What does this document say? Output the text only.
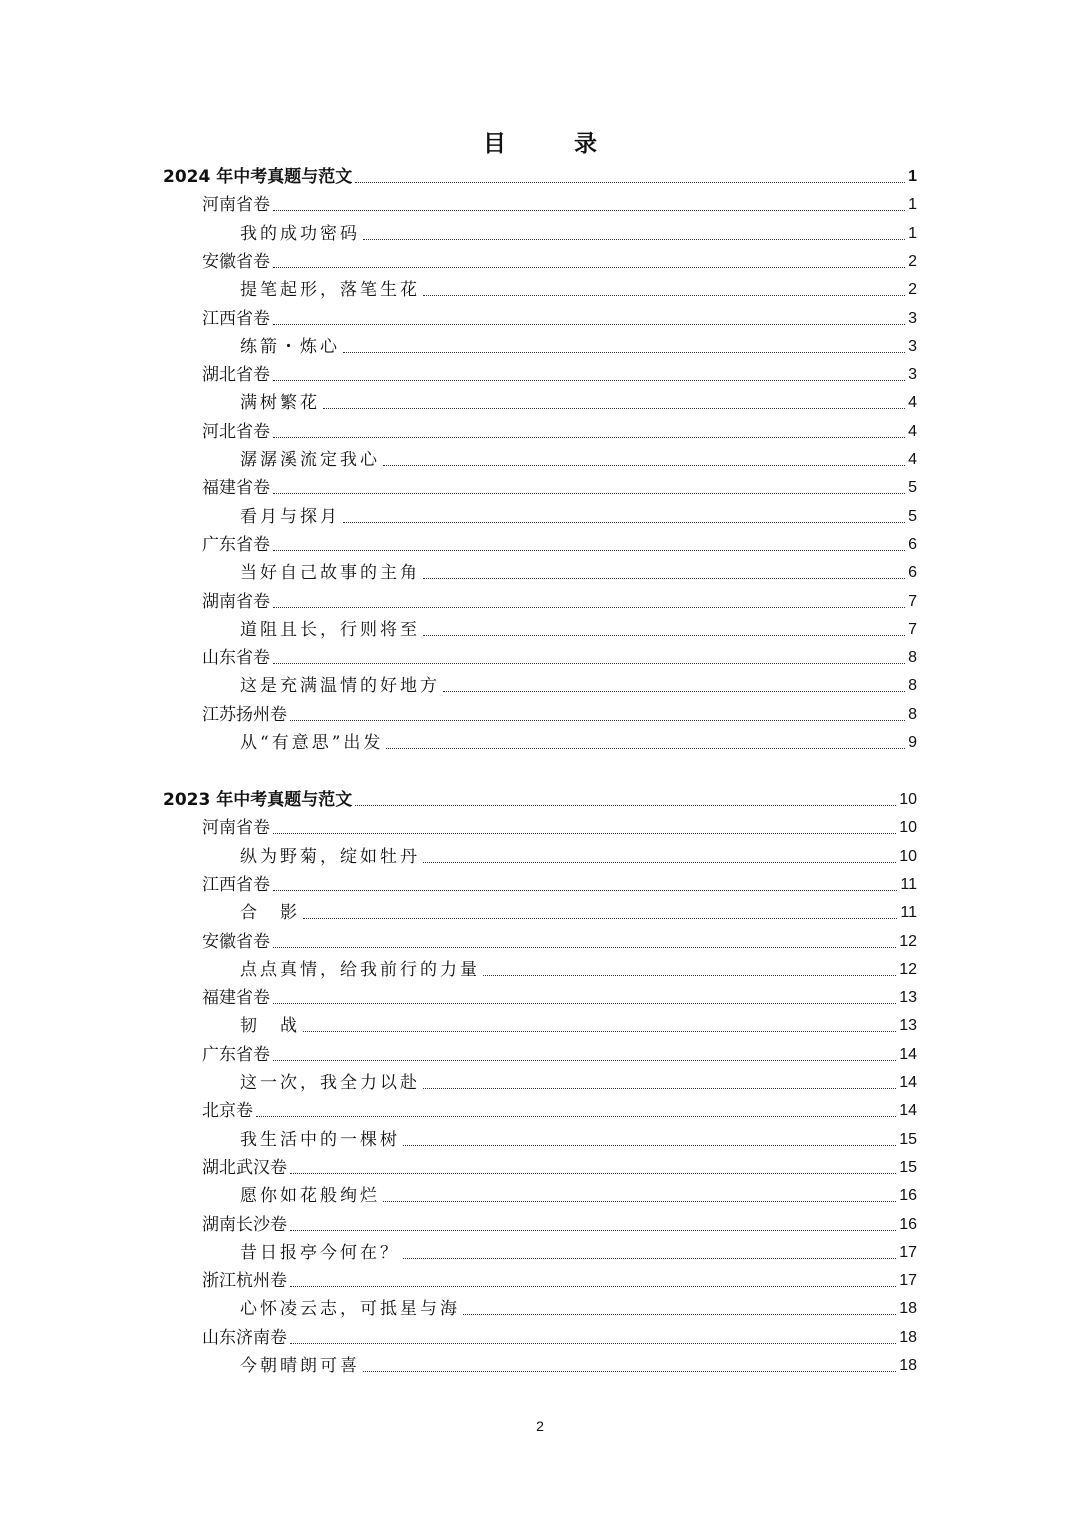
目 录
2024 年中考真题与范文	1
河南省卷	1
我的成功密码	1
安徽省卷	2
提笔起形，落笔生花	2
江西省卷	3
练箭・炼心	3
湖北省卷	3
满树繁花	4
河北省卷	4
潺潺溪流定我心	4
福建省卷	5
看月与探月	5
广东省卷	6
当好自己故事的主角	6
湖南省卷	7
道阻且长，行则将至	7
山东省卷	8
这是充满温情的好地方	8
江苏扬州卷	8
从“有意思”出发	9
2023 年中考真题与范文	10
河南省卷	10
纵为野菊，绽如牡丹	10
江西省卷	11
合　影	11
安徽省卷	12
点点真情，给我前行的力量	12
福建省卷	13
韧　战	13
广东省卷	14
这一次，我全力以赴	14
北京卷	14
我生活中的一棵树	15
湖北武汉卷	15
愿你如花般绚烂	16
湖南长沙卷	16
昔日报亭今何在？	17
浙江杭州卷	17
心怀凌云志，可抵星与海	18
山东济南卷	18
今朝晴朗可喜	18
2
